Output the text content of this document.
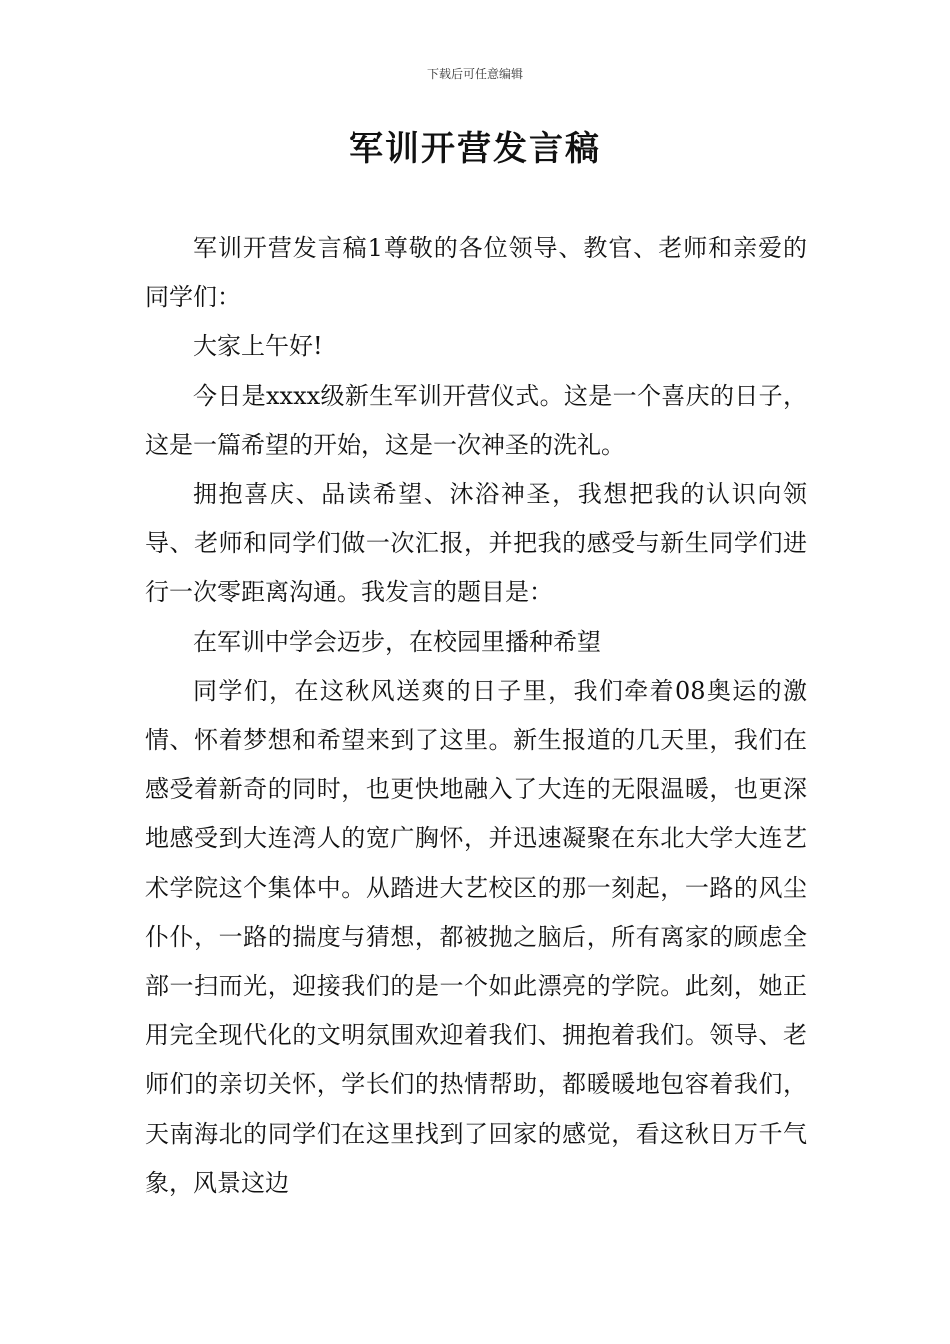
下载后可任意编辑
军训开营发言稿

军训开营发言稿1尊敬的各位领导、教官、老师和亲爱的同学们：

大家上午好!

今日是xxxx级新生军训开营仪式。这是一个喜庆的日子，这是一篇希望的开始，这是一次神圣的洗礼。

拥抱喜庆、品读希望、沐浴神圣，我想把我的认识向领导、老师和同学们做一次汇报，并把我的感受与新生同学们进行一次零距离沟通。我发言的题目是：

在军训中学会迈步，在校园里播种希望

同学们，在这秋风送爽的日子里，我们牵着08奥运的激情、怀着梦想和希望来到了这里。新生报道的几天里，我们在感受着新奇的同时，也更快地融入了大连的无限温暖，也更深地感受到大连湾人的宽广胸怀，并迅速凝聚在东北大学大连艺术学院这个集体中。从踏进大艺校区的那一刻起，一路的风尘仆仆，一路的揣度与猜想，都被抛之脑后，所有离家的顾虑全部一扫而光，迎接我们的是一个如此漂亮的学院。此刻，她正用完全现代化的文明氛围欢迎着我们、拥抱着我们。领导、老师们的亲切关怀，学长们的热情帮助，都暖暖地包容着我们，天南海北的同学们在这里找到了回家的感觉，看这秋日万千气象，风景这边
